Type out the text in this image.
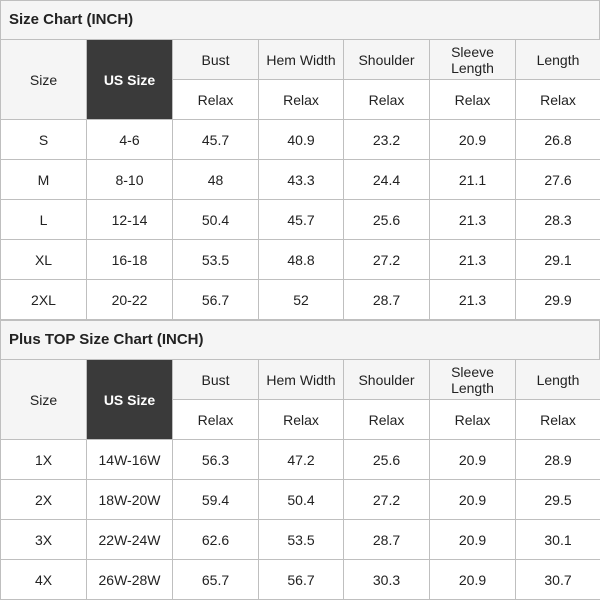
Size Chart (INCH)
Size	US Size	Bust	Hem Width	Shoulder	Sleeve Length	Length
		Relax	Relax	Relax	Relax	Relax
S	4-6	45.7	40.9	23.2	20.9	26.8
M	8-10	48	43.3	24.4	21.1	27.6
L	12-14	50.4	45.7	25.6	21.3	28.3
XL	16-18	53.5	48.8	27.2	21.3	29.1
2XL	20-22	56.7	52	28.7	21.3	29.9
Plus TOP Size Chart (INCH)
Size	US Size	Bust	Hem Width	Shoulder	Sleeve Length	Length
		Relax	Relax	Relax	Relax	Relax
1X	14W-16W	56.3	47.2	25.6	20.9	28.9
2X	18W-20W	59.4	50.4	27.2	20.9	29.5
3X	22W-24W	62.6	53.5	28.7	20.9	30.1
4X	26W-28W	65.7	56.7	30.3	20.9	30.7
